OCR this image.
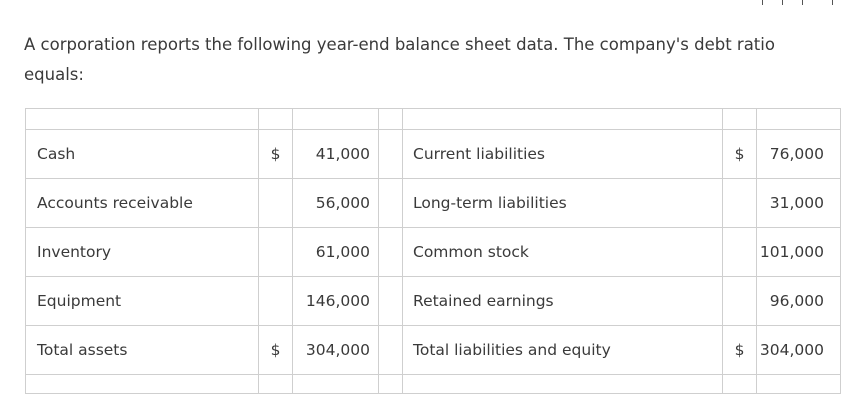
A corporation reports the following year-end balance sheet data. The company's debt ratio equals:

Cash	$	41,000		Current liabilities	$	76,000
Accounts receivable		56,000		Long-term liabilities		31,000
Inventory		61,000		Common stock		101,000
Equipment		146,000		Retained earnings		96,000
Total assets	$	304,000		Total liabilities and equity	$	304,000
